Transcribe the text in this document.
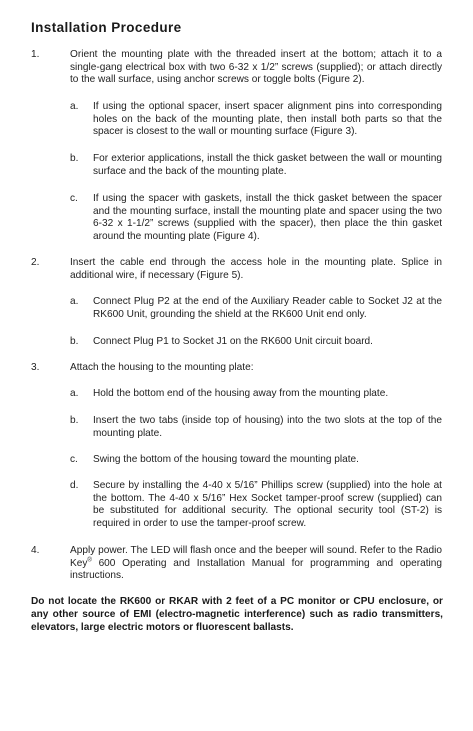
Installation Procedure
1.	Orient the mounting plate with the threaded insert at the bottom; attach it to a single-gang electrical box with two 6-32 x 1/2” screws (supplied); or attach directly to the wall surface, using anchor screws or toggle bolts (Figure 2).
a. If using the optional spacer, insert spacer alignment pins into corresponding holes on the back of the mounting plate, then install both parts so that the spacer is closest to the wall or mounting surface (Figure 3).
b. For exterior applications, install the thick gasket between the wall or mounting surface and the back of the mounting plate.
c. If using the spacer with gaskets, install the thick gasket between the spacer and the mounting surface, install the mounting plate and spacer using the two 6-32 x 1-1/2” screws (supplied with the spacer), then place the thin gasket around the mounting plate (Figure 4).
2.	Insert the cable end through the access hole in the mounting plate. Splice in additional wire, if necessary (Figure 5).
a. Connect Plug P2 at the end of the Auxiliary Reader cable to Socket J2 at the RK600 Unit, grounding the shield at the RK600 Unit end only.
b. Connect Plug P1 to Socket J1 on the RK600 Unit circuit board.
3.	Attach the housing to the mounting plate:
a. Hold the bottom end of the housing away from the mounting plate.
b. Insert the two tabs (inside top of housing) into the two slots at the top of the mounting plate.
c. Swing the bottom of the housing toward the mounting plate.
d. Secure by installing the 4-40 x 5/16” Phillips screw (supplied) into the hole at the bottom. The 4-40 x 5/16” Hex Socket tamper-proof screw (supplied) can be substituted for additional security. The optional security tool (ST-2) is required in order to use the tamper-proof screw.
4.	Apply power. The LED will flash once and the beeper will sound. Refer to the Radio Key® 600 Operating and Installation Manual for programming and operating instructions.

Do not locate the RK600 or RKAR with 2 feet of a PC monitor or CPU enclosure, or any other source of EMI (electro-magnetic interference) such as radio transmitters, elevators, large electric motors or fluorescent ballasts.
